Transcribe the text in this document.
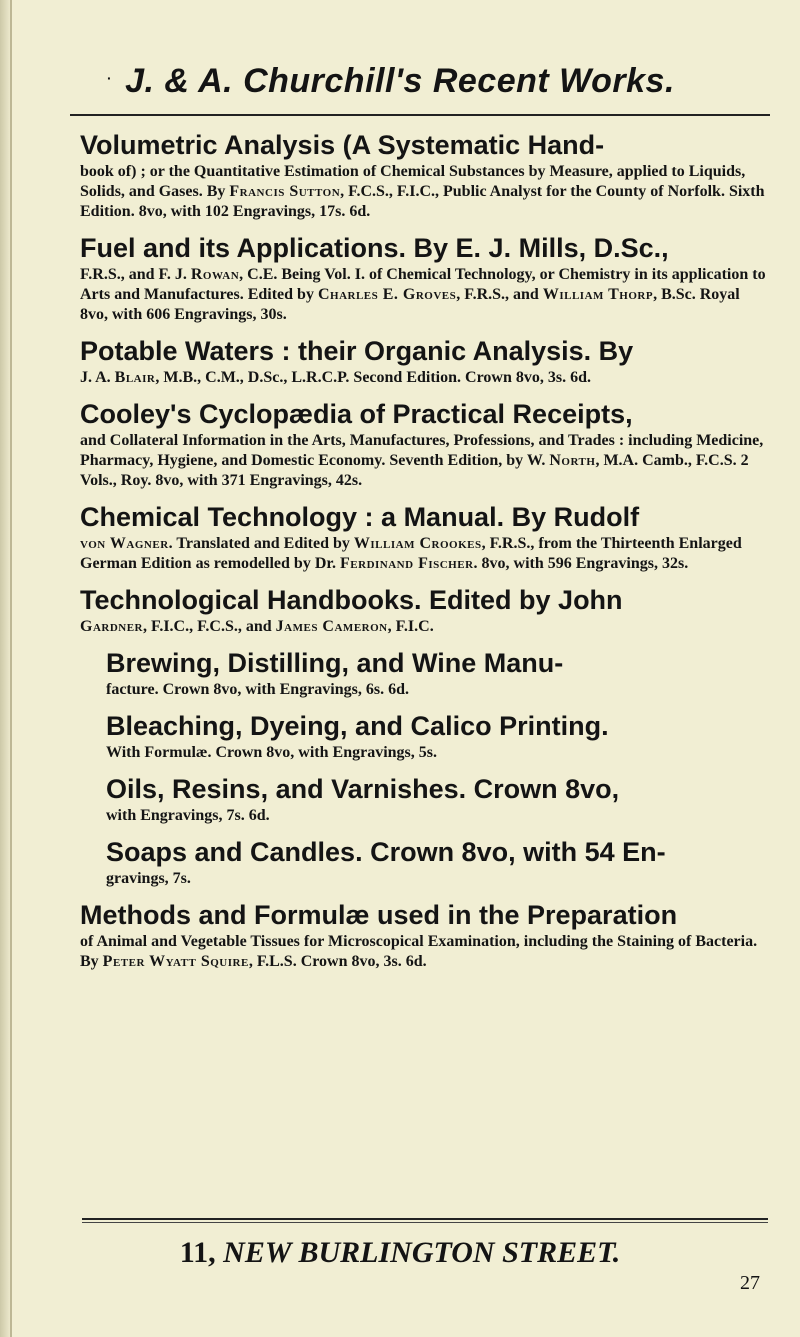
· J. & A. Churchill's Recent Works.
Volumetric Analysis (A Systematic Hand-
book of) ; or the Quantitative Estimation of Chemical Substances by Measure, applied to Liquids, Solids, and Gases. By Francis Sutton, F.C.S., F.I.C., Public Analyst for the County of Norfolk. Sixth Edition. 8vo, with 102 Engravings, 17s. 6d.
Fuel and its Applications. By E. J. Mills, D.Sc.,
F.R.S., and F. J. Rowan, C.E. Being Vol. I. of Chemical Technology, or Chemistry in its application to Arts and Manufactures. Edited by Charles E. Groves, F.R.S., and William Thorp, B.Sc. Royal 8vo, with 606 Engravings, 30s.
Potable Waters : their Organic Analysis. By
J. A. Blair, M.B., C.M., D.Sc., L.R.C.P. Second Edition. Crown 8vo, 3s. 6d.
Cooley's Cyclopædia of Practical Receipts,
and Collateral Information in the Arts, Manufactures, Professions, and Trades : including Medicine, Pharmacy, Hygiene, and Domestic Economy. Seventh Edition, by W. North, M.A. Camb., F.C.S. 2 Vols., Roy. 8vo, with 371 Engravings, 42s.
Chemical Technology : a Manual. By Rudolf
von Wagner. Translated and Edited by William Crookes, F.R.S., from the Thirteenth Enlarged German Edition as remodelled by Dr. Ferdinand Fischer. 8vo, with 596 Engravings, 32s.
Technological Handbooks. Edited by John
Gardner, F.I.C., F.C.S., and James Cameron, F.I.C.
Brewing, Distilling, and Wine Manu-
facture. Crown 8vo, with Engravings, 6s. 6d.
Bleaching, Dyeing, and Calico Printing.
With Formulæ. Crown 8vo, with Engravings, 5s.
Oils, Resins, and Varnishes. Crown 8vo,
with Engravings, 7s. 6d.
Soaps and Candles. Crown 8vo, with 54 En-
gravings, 7s.
Methods and Formulæ used in the Preparation
of Animal and Vegetable Tissues for Microscopical Examination, including the Staining of Bacteria. By Peter Wyatt Squire, F.L.S. Crown 8vo, 3s. 6d.
11, NEW BURLINGTON STREET.
27
